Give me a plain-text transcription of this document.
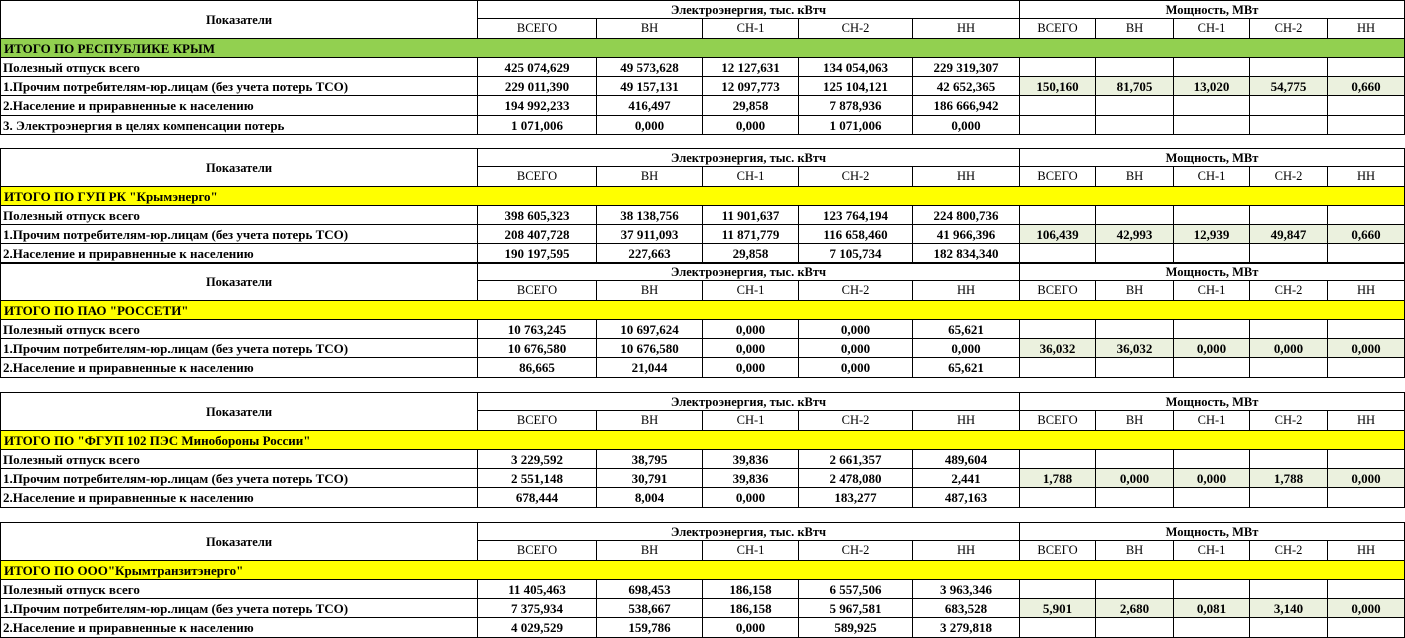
Показатели
Электроэнергия, тыс. кВтч	Мощность, МВт
ВСЕГО	ВН	СН-1	СН-2	НН	ВСЕГО	ВН	СН-1	СН-2	НН
ИТОГО ПО РЕСПУБЛИКЕ КРЫМ
Полезный отпуск всего	425 074,629	49 573,628	12 127,631	134 054,063	229 319,307
1.Прочим потребителям-юр.лицам (без учета потерь ТСО)	229 011,390	49 157,131	12 097,773	125 104,121	42 652,365	150,160	81,705	13,020	54,775	0,660
2.Население и приравненные к населению	194 992,233	416,497	29,858	7 878,936	186 666,942
3. Электроэнергия в целях компенсации потерь	1 071,006	0,000	0,000	1 071,006	0,000
Показатели
Электроэнергия, тыс. кВтч	Мощность, МВт
ВСЕГО	ВН	СН-1	СН-2	НН	ВСЕГО	ВН	СН-1	СН-2	НН
ИТОГО ПО ГУП РК "Крымэнерго"
Полезный отпуск всего	398 605,323	38 138,756	11 901,637	123 764,194	224 800,736
1.Прочим потребителям-юр.лицам (без учета потерь ТСО)	208 407,728	37 911,093	11 871,779	116 658,460	41 966,396	106,439	42,993	12,939	49,847	0,660
2.Население и приравненные к населению	190 197,595	227,663	29,858	7 105,734	182 834,340
Показатели
Электроэнергия, тыс. кВтч	Мощность, МВт
ВСЕГО	ВН	СН-1	СН-2	НН	ВСЕГО	ВН	СН-1	СН-2	НН
ИТОГО ПО ПАО "РОССЕТИ"
Полезный отпуск всего	10 763,245	10 697,624	0,000	0,000	65,621
1.Прочим потребителям-юр.лицам (без учета потерь ТСО)	10 676,580	10 676,580	0,000	0,000	0,000	36,032	36,032	0,000	0,000	0,000
2.Население и приравненные к населению	86,665	21,044	0,000	0,000	65,621
Показатели
Электроэнергия, тыс. кВтч	Мощность, МВт
ВСЕГО	ВН	СН-1	СН-2	НН	ВСЕГО	ВН	СН-1	СН-2	НН
ИТОГО ПО "ФГУП 102 ПЭС Минобороны России"
Полезный отпуск всего	3 229,592	38,795	39,836	2 661,357	489,604
1.Прочим потребителям-юр.лицам (без учета потерь ТСО)	2 551,148	30,791	39,836	2 478,080	2,441	1,788	0,000	0,000	1,788	0,000
2.Население и приравненные к населению	678,444	8,004	0,000	183,277	487,163
Показатели
Электроэнергия, тыс. кВтч	Мощность, МВт
ВСЕГО	ВН	СН-1	СН-2	НН	ВСЕГО	ВН	СН-1	СН-2	НН
ИТОГО ПО ООО"Крымтранзитэнерго"
Полезный отпуск всего	11 405,463	698,453	186,158	6 557,506	3 963,346
1.Прочим потребителям-юр.лицам (без учета потерь ТСО)	7 375,934	538,667	186,158	5 967,581	683,528	5,901	2,680	0,081	3,140	0,000
2.Население и приравненные к населению	4 029,529	159,786	0,000	589,925	3 279,818
